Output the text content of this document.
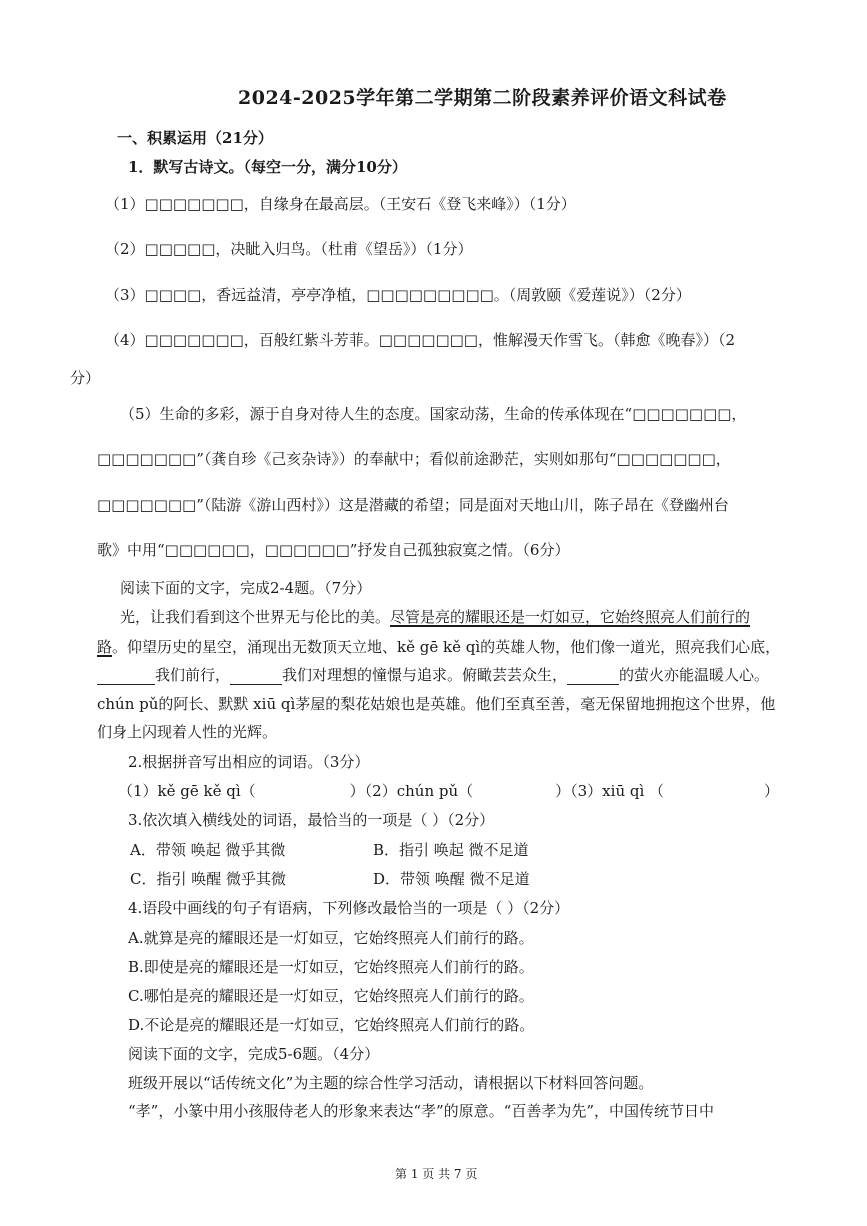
2024-2025学年第二学期第二阶段素养评价语文科试卷
一、积累运用（21分）
1．默写古诗文。（每空一分，满分10分）
（1）□□□□□□□，自缘身在最高层。（王安石《登飞来峰》）（1分）
（2）□□□□□，决眦入归鸟。（杜甫《望岳》）（1分）
（3）□□□□，香远益清，亭亭净植，□□□□□□□□□。（周敦颐《爱莲说》）（2分）
（4）□□□□□□□，百般红紫斗芳菲。□□□□□□□，惟解漫天作雪飞。（韩愈《晚春》）（2
分）
（5）生命的多彩，源于自身对待人生的态度。国家动荡，生命的传承体现在“□□□□□□□，
□□□□□□□”（龚自珍《己亥杂诗》）的奉献中；看似前途渺茫，实则如那句“□□□□□□□，
□□□□□□□”（陆游《游山西村》）这是潜藏的希望；同是面对天地山川，陈子昂在《登幽州台
歌》中用“□□□□□□，□□□□□□”抒发自己孤独寂寞之情。（6分）
阅读下面的文字，完成2-4题。（7分）
光，让我们看到这个世界无与伦比的美。尽管是亮的耀眼还是一灯如豆，它始终照亮人们前行的
路。仰望历史的星空，涌现出无数顶天立地、kě gē kě qì的英雄人物，他们像一道光，照亮我们心底，
我们前行，	我们对理想的憧憬与追求。俯瞰芸芸众生，	的萤火亦能温暖人心。
chún pǔ的阿长、默默 xiū qì茅屋的梨花姑娘也是英雄。他们至真至善，毫无保留地拥抱这个世界，他
们身上闪现着人性的光辉。
2.根据拼音写出相应的词语。（3分）
（1）kě gē kě qì（	）（2）chún pǔ（	）（3）xiū qì （	）
3.依次填入横线处的词语，最恰当的一项是（ ）（2分）
A．带领 唤起 微乎其微	B．指引 唤起 微不足道
C．指引 唤醒 微乎其微	D．带领 唤醒 微不足道
4.语段中画线的句子有语病，下列修改最恰当的一项是（ ）（2分）
A.就算是亮的耀眼还是一灯如豆，它始终照亮人们前行的路。
B.即使是亮的耀眼还是一灯如豆，它始终照亮人们前行的路。
C.哪怕是亮的耀眼还是一灯如豆，它始终照亮人们前行的路。
D.不论是亮的耀眼还是一灯如豆，它始终照亮人们前行的路。
阅读下面的文字，完成5-6题。（4分）
班级开展以“话传统文化”为主题的综合性学习活动，请根据以下材料回答问题。
“孝”，小篆中用小孩服侍老人的形象来表达“孝”的原意。“百善孝为先”，中国传统节日中
第 1 页 共 7 页
